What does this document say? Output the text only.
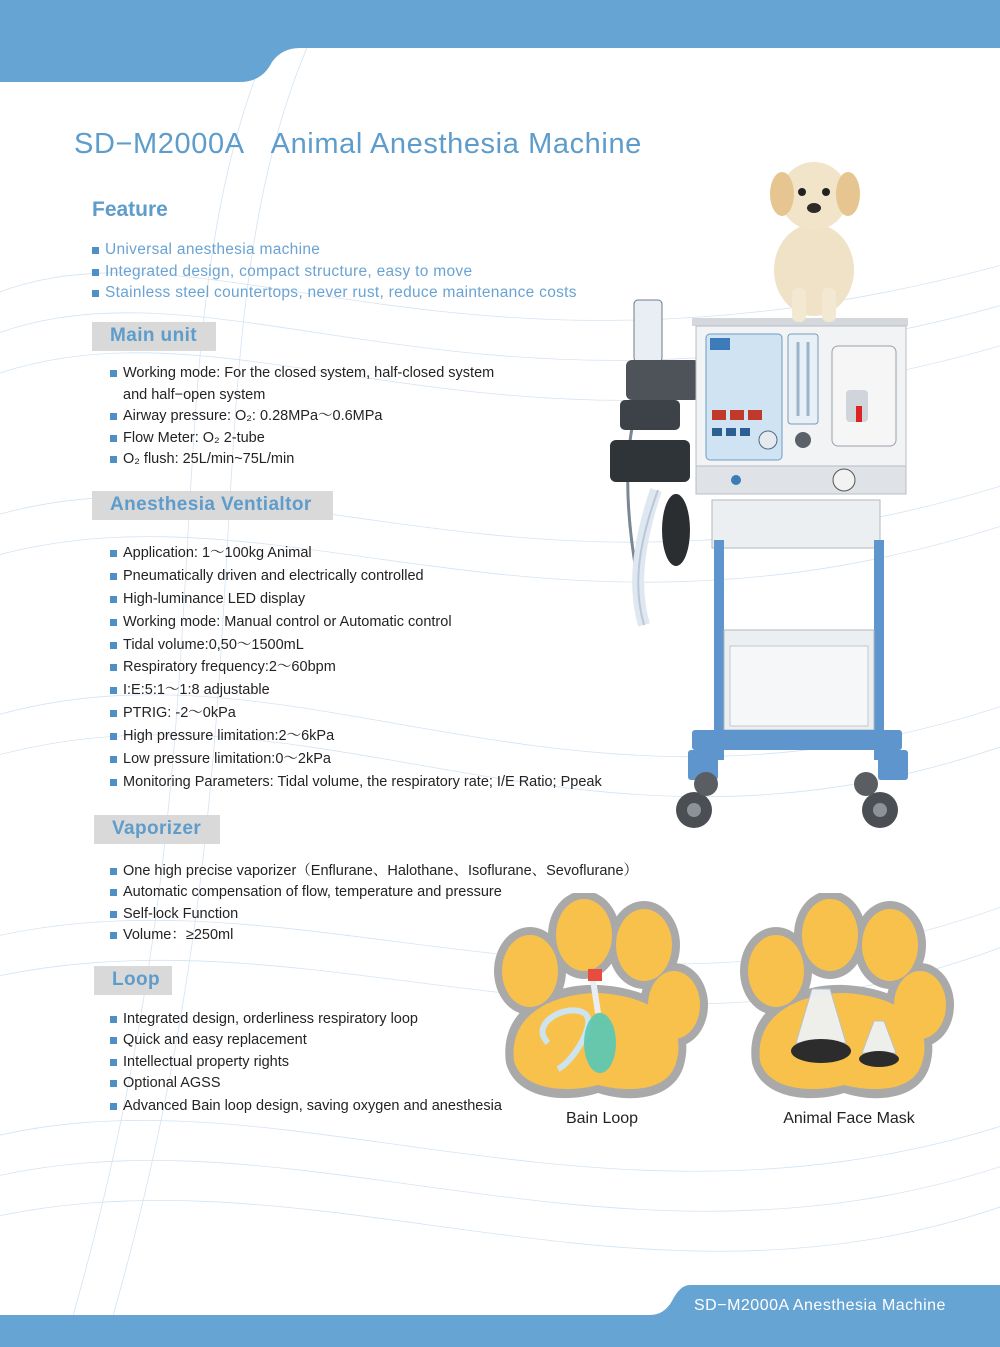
SD−M2000A Animal Anesthesia Machine
Feature
Universal anesthesia machine
Integrated design, compact structure, easy to move
Stainless steel countertops, never rust, reduce maintenance costs
Main unit
Working mode: For the closed system, half-closed system
and half−open system
Airway pressure: O₂: 0.28MPa～0.6MPa
Flow Meter: O₂ 2-tube
O₂ flush: 25L/min~75L/min
Anesthesia Ventialtor
Application: 1～100kg Animal
Pneumatically driven and electrically controlled
High-luminance LED display
Working mode: Manual control or Automatic control
Tidal volume:0,50～1500mL
Respiratory frequency:2～60bpm
I:E:5:1～1:8 adjustable
PTRIG: -2～0kPa
High pressure limitation:2～6kPa
Low pressure limitation:0～2kPa
Monitoring Parameters: Tidal volume, the respiratory rate; I/E Ratio; Ppeak
Vaporizer
One high precise vaporizer（Enflurane、Halothane、Isoflurane、Sevoflurane）
Automatic compensation of flow, temperature and pressure
Self-lock Function
Volume：≥250ml
Loop
Integrated design, orderliness respiratory loop
Quick and easy replacement
Intellectual property rights
Optional AGSS
Advanced Bain loop design, saving oxygen and anesthesia
Bain Loop	Animal Face Mask
SD−M2000A Anesthesia Machine
